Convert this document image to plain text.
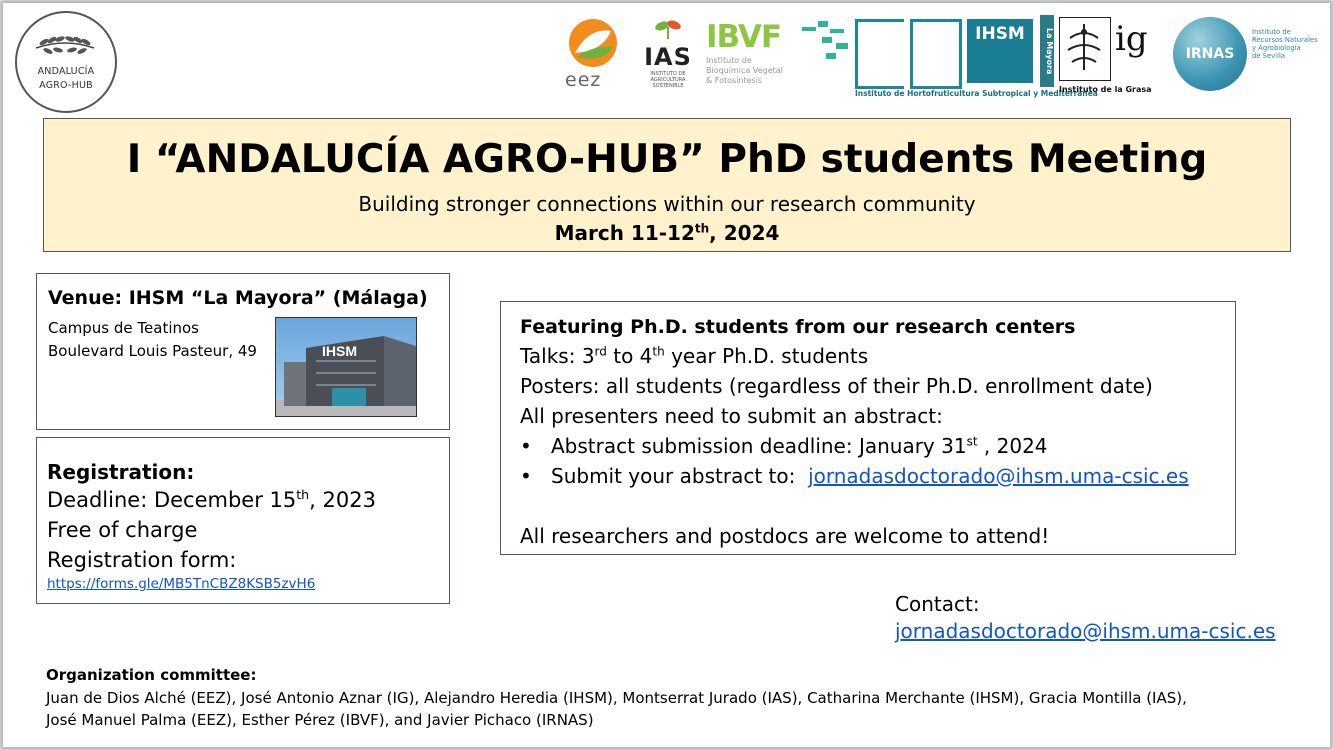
ANDALUCÍA
AGRO-HUB	eez
IAS
INSTITUTO DE AGRICULTURA SOSTENIBLE
IBVF
Instituto de
Bioquímica Vegetal
& Fotosíntesis
IHSM
Instituto de Hortofruticultura Subtropical y Mediterránea
La Mayora ig
Instituto de la Grasa
IRNAS
Instituto de
Recursos Naturales
y Agrobiología
de Sevilla
I “ANDALUCÍA AGRO-HUB” PhD students Meeting
Building stronger connections within our research community
March 11-12th, 2024
Venue: IHSM “La Mayora” (Málaga)
Campus de Teatinos
Boulevard Louis Pasteur, 49	IHSM
Registration:
Deadline: December 15th, 2023
Free of charge
Registration form:
https://forms.gle/MB5TnCBZ8KSB5zvH6
Featuring Ph.D. students from our research centers
Talks: 3rd to 4th year Ph.D. students
Posters: all students (regardless of their Ph.D. enrollment date)
All presenters need to submit an abstract:
• Abstract submission deadline: January 31st , 2024
• Submit your abstract to:  jornadasdoctorado@ihsm.uma-csic.es
All researchers and postdocs are welcome to attend!
Contact:
jornadasdoctorado@ihsm.uma-csic.es
Organization committee:
Juan de Dios Alché (EEZ), José Antonio Aznar (IG), Alejandro Heredia (IHSM), Montserrat Jurado (IAS), Catharina Merchante (IHSM), Gracia Montilla (IAS),
José Manuel Palma (EEZ), Esther Pérez (IBVF), and Javier Pichaco (IRNAS)
